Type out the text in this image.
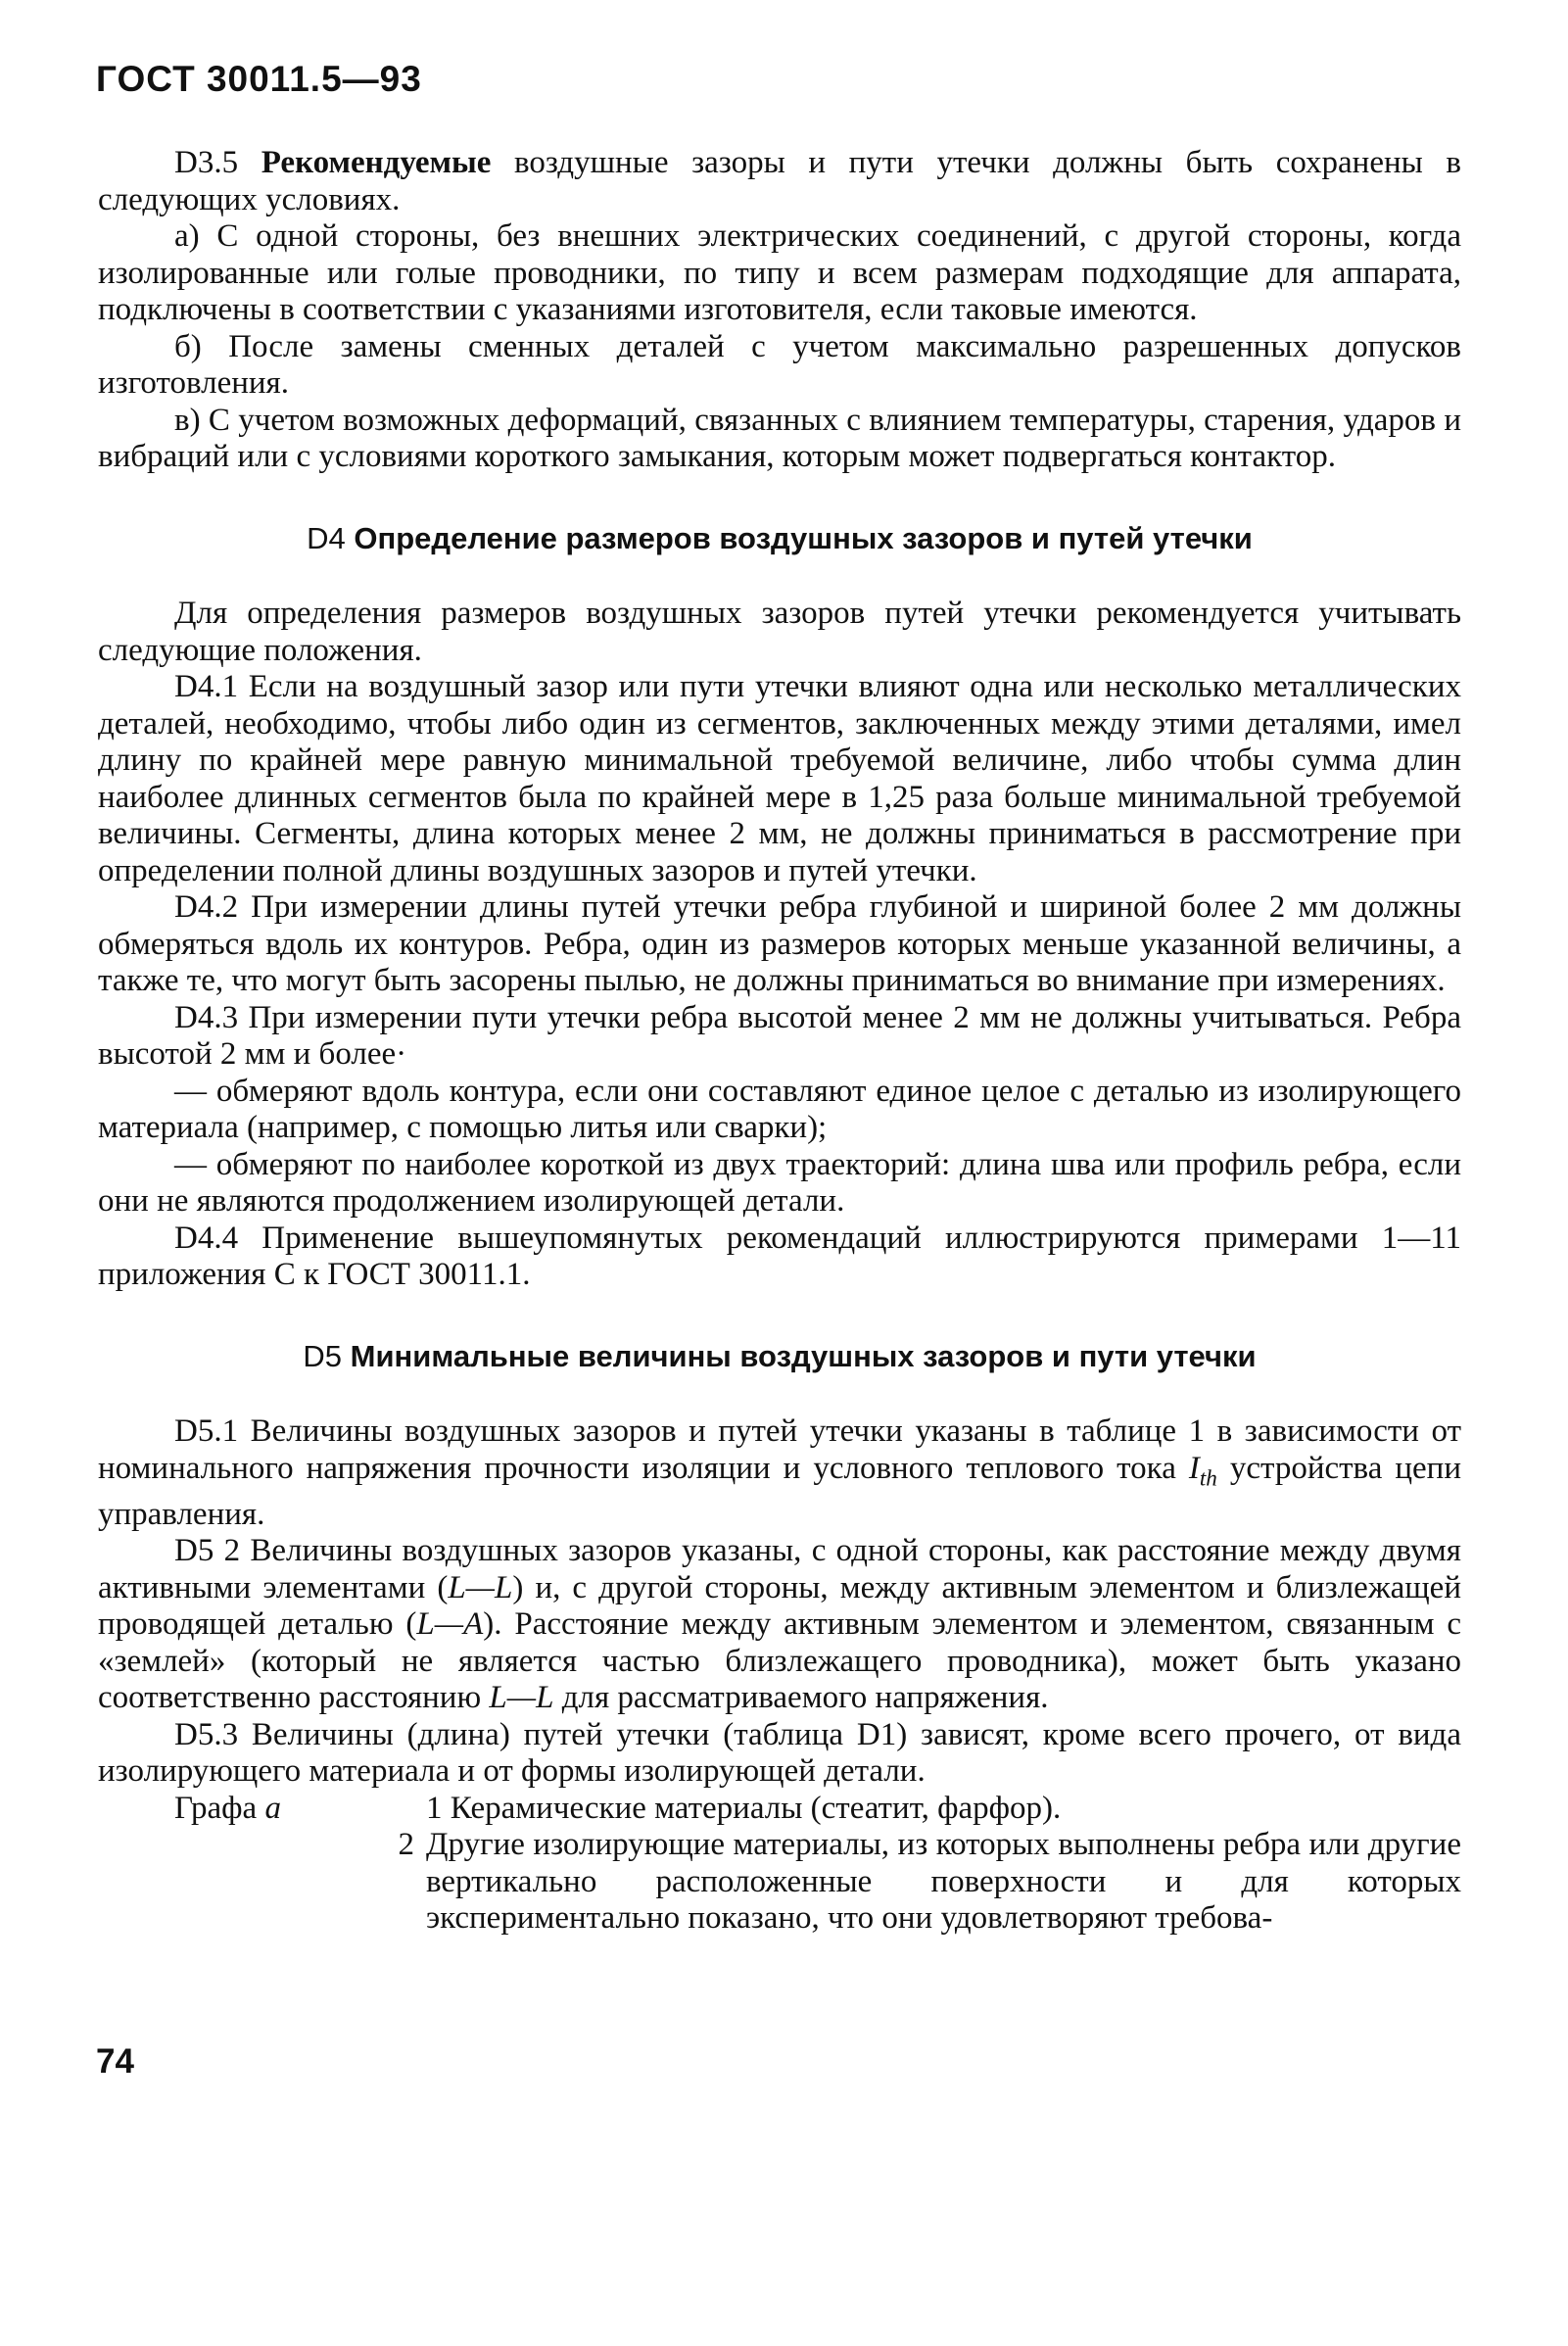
ГОСТ 30011.5—93

D3.5 Рекомендуемые воздушные зазоры и пути утечки должны быть сохранены в следующих условиях.

а) С одной стороны, без внешних электрических соединений, с другой стороны, когда изолированные или голые проводники, по типу и всем размерам подходящие для аппарата, подключены в соответствии с указаниями изготовителя, если таковые имеются.

б) После замены сменных деталей с учетом максимально разрешенных допусков изготовления.

в) С учетом возможных деформаций, связанных с влиянием температуры, старения, ударов и вибраций или с условиями короткого замыкания, которым может подвергаться контактор.

D4 Определение размеров воздушных зазоров и путей утечки

Для определения размеров воздушных зазоров путей утечки рекомендуется учитывать следующие положения.

D4.1 Если на воздушный зазор или пути утечки влияют одна или несколько металлических деталей, необходимо, чтобы либо один из сегментов, заключенных между этими деталями, имел длину по крайней мере равную минимальной требуемой величине, либо чтобы сумма длин наиболее длинных сегментов была по крайней мере в 1,25 раза больше минимальной требуемой величины. Сегменты, длина которых менее 2 мм, не должны приниматься в рассмотрение при определении полной длины воздушных зазоров и путей утечки.

D4.2 При измерении длины путей утечки ребра глубиной и шириной более 2 мм должны обмеряться вдоль их контуров. Ребра, один из размеров которых меньше указанной величины, а также те, что могут быть засорены пылью, не должны приниматься во внимание при измерениях.

D4.3 При измерении пути утечки ребра высотой менее 2 мм не должны учитываться. Ребра высотой 2 мм и более·

— обмеряют вдоль контура, если они составляют единое целое с деталью из изолирующего материала (например, с помощью литья или сварки);

— обмеряют по наиболее короткой из двух траекторий: длина шва или профиль ребра, если они не являются продолжением изолирующей детали.

D4.4 Применение вышеупомянутых рекомендаций иллюстрируются примерами 1—11 приложения С к ГОСТ 30011.1.

D5 Минимальные величины воздушных зазоров и пути утечки

D5.1 Величины воздушных зазоров и путей утечки указаны в таблице 1 в зависимости от номинального напряжения прочности изоляции и условного теплового тока $I_{th}$ устройства цепи управления.

D5 2 Величины воздушных зазоров указаны, с одной стороны, как расстояние между двумя активными элементами (L—L) и, с другой стороны, между активным элементом и близлежащей проводящей деталью (L—A). Расстояние между активным элементом и элементом, связанным с «землей» (который не является частью близлежащего проводника), может быть указано соответственно расстоянию L—L для рассматриваемого напряжения.

D5.3 Величины (длина) путей утечки (таблица D1) зависят, кроме всего прочего, от вида изолирующего материала и от формы изолирующей детали.

Графа а	1 Керамические материалы (стеатит, фарфор).
2 Другие изолирующие материалы, из которых выполнены ребра или другие вертикально расположенные поверхности и для которых экспериментально показано, что они удовлетворяют требова-
74
